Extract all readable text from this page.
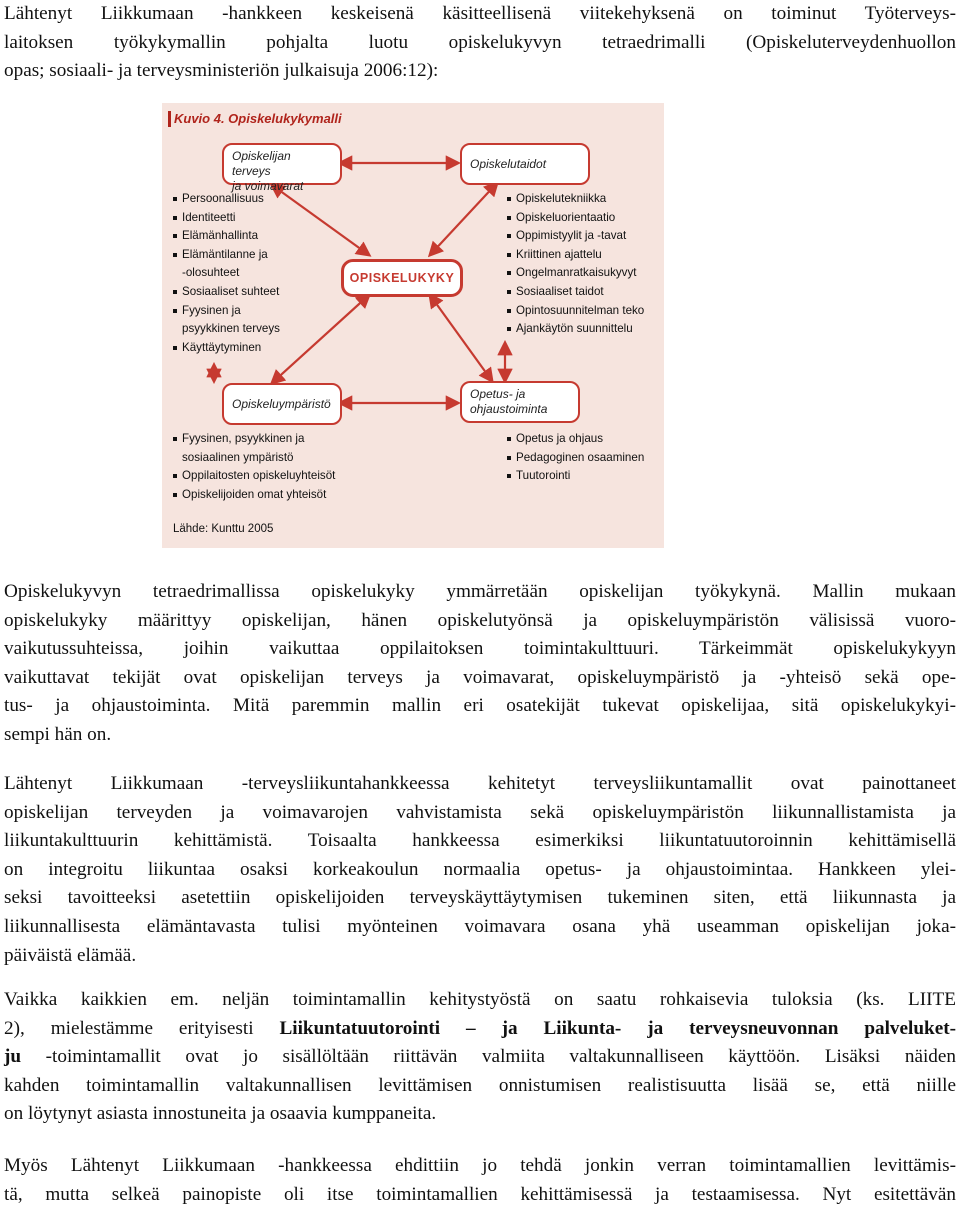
Lähtenyt Liikkumaan -hankkeen keskeisenä käsitteellisenä viitekehyksenä on toiminut Työterveys-
laitoksen työkykymallin pohjalta luotu opiskelukyvyn tetraedrimalli (Opiskeluterveydenhuollon
opas; sosiaali- ja terveysministeriön julkaisuja 2006:12):
Kuvio 4. Opiskelukykymalli
Opiskelijan terveys
ja voimavarat
Persoonallisuus
Identiteetti
Elämänhallinta
Elämäntilanne ja
-olosuhteet
Sosiaaliset suhteet
Fyysinen ja
psyykkinen terveys
Käyttäytyminen
Opiskelutaidot
Opiskelutekniikka
Opiskeluorientaatio
Oppimistyylit ja -tavat
Kriittinen ajattelu
Ongelmanratkaisukyvyt
Sosiaaliset taidot
Opintosuunnitelman teko
Ajankäytön suunnittelu
OPISKELUKYKY
Opiskeluympäristö
Fyysinen, psyykkinen ja
sosiaalinen ympäristö
Oppilaitosten opiskeluyhteisöt
Opiskelijoiden omat yhteisöt
Opetus- ja
ohjaustoiminta
Opetus ja ohjaus
Pedagoginen osaaminen
Tuutorointi
Lähde: Kunttu 2005
Opiskelukyvyn tetraedrimallissa opiskelukyky ymmärretään opiskelijan työkykynä. Mallin mukaan
opiskelukyky määrittyy opiskelijan, hänen opiskelutyönsä ja opiskeluympäristön välisissä vuoro-
vaikutussuhteissa, joihin vaikuttaa oppilaitoksen toimintakulttuuri. Tärkeimmät opiskelukykyyn
vaikuttavat tekijät ovat opiskelijan terveys ja voimavarat, opiskeluympäristö ja -yhteisö sekä ope-
tus- ja ohjaustoiminta. Mitä paremmin mallin eri osatekijät tukevat opiskelijaa, sitä opiskelukykyi-
sempi hän on.
Lähtenyt Liikkumaan -terveysliikuntahankkeessa kehitetyt terveysliikuntamallit ovat painottaneet
opiskelijan terveyden ja voimavarojen vahvistamista sekä opiskeluympäristön liikunnallistamista ja
liikuntakulttuurin kehittämistä. Toisaalta hankkeessa esimerkiksi liikuntatuutoroinnin kehittämisellä
on integroitu liikuntaa osaksi korkeakoulun normaalia opetus- ja ohjaustoimintaa. Hankkeen ylei-
seksi tavoitteeksi asetettiin opiskelijoiden terveyskäyttäytymisen tukeminen siten, että liikunnasta ja
liikunnallisesta elämäntavasta tulisi myönteinen voimavara osana yhä useamman opiskelijan joka-
päiväistä elämää.
Vaikka kaikkien em. neljän toimintamallin kehitystyöstä on saatu rohkaisevia tuloksia (ks. LIITE
2), mielestämme erityisesti Liikuntatuutorointi – ja Liikunta- ja terveysneuvonnan palveluket-
ju -toimintamallit ovat jo sisällöltään riittävän valmiita valtakunnalliseen käyttöön. Lisäksi näiden
kahden toimintamallin valtakunnallisen levittämisen onnistumisen realistisuutta lisää se, että niille
on löytynyt asiasta innostuneita ja osaavia kumppaneita.
Myös Lähtenyt Liikkumaan -hankkeessa ehdittiin jo tehdä jonkin verran toimintamallien levittämis-
tä, mutta selkeä painopiste oli itse toimintamallien kehittämisessä ja testaamisessa. Nyt esitettävän
